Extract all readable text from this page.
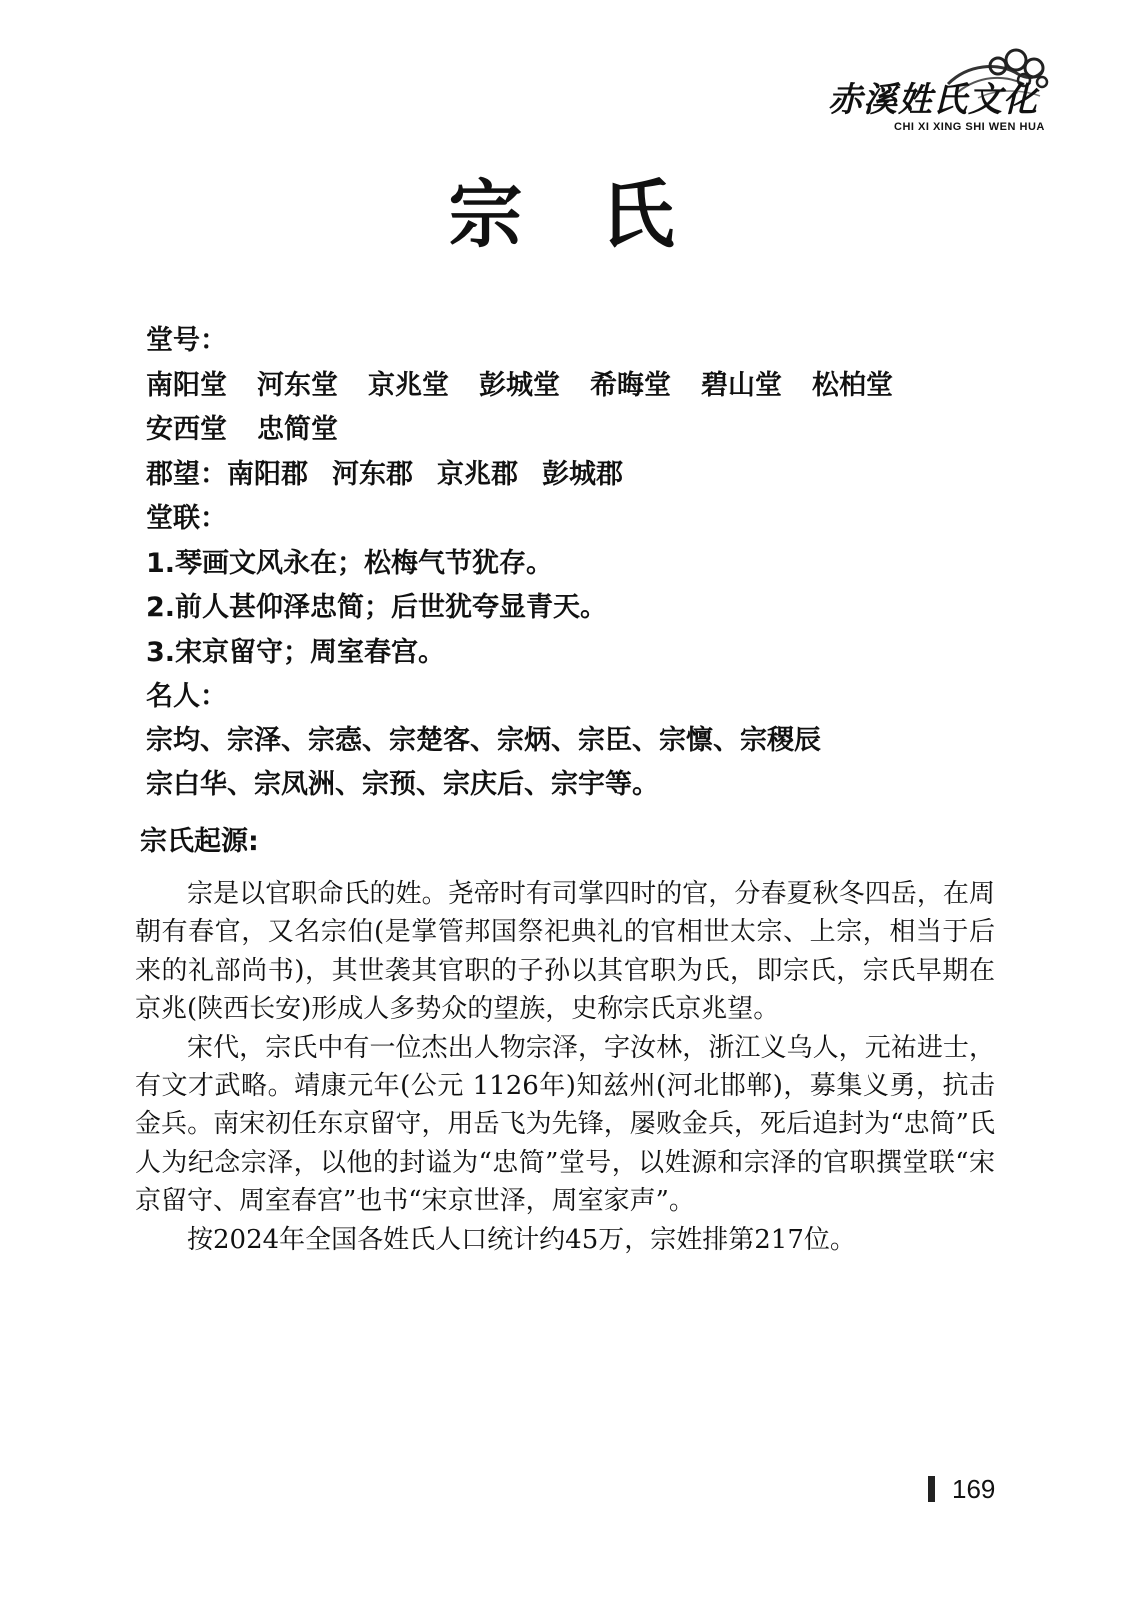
赤溪姓氏文化
CHI XI XING SHI WEN HUA
宗　氏
堂号：
南阳堂 河东堂 京兆堂 彭城堂 希晦堂 碧山堂 松柏堂
安西堂 忠简堂
郡望：南阳郡 河东郡 京兆郡 彭城郡
堂联：
1.琴画文风永在；松梅气节犹存。
2.前人甚仰泽忠简；后世犹夸显青天。
3.宋京留守；周室春宫。
名人：
宗均、宗泽、宗悫、宗楚客、宗炳、宗臣、宗懔、宗稷辰
宗白华、宗凤洲、宗预、宗庆后、宗宇等。
宗氏起源:

宗是以官职命氏的姓。尧帝时有司掌四时的官，分春夏秋冬四岳，在周朝有春官，又名宗伯(是掌管邦国祭祀典礼的官相世太宗、上宗，相当于后来的礼部尚书)，其世袭其官职的子孙以其官职为氏，即宗氏，宗氏早期在京兆(陕西长安)形成人多势众的望族，史称宗氏京兆望。

宋代，宗氏中有一位杰出人物宗泽，字汝林，浙江义乌人，元祐进士，有文才武略。靖康元年(公元 1126年)知兹州(河北邯郸)，募集义勇，抗击金兵。南宋初任东京留守，用岳飞为先锋，屡败金兵，死后追封为“忠简”氏人为纪念宗泽，以他的封谥为“忠简”堂号，以姓源和宗泽的官职撰堂联“宋京留守、周室春宫”也书“宋京世泽，周室家声”。

按2024年全国各姓氏人口统计约45万，宗姓排第217位。

169
